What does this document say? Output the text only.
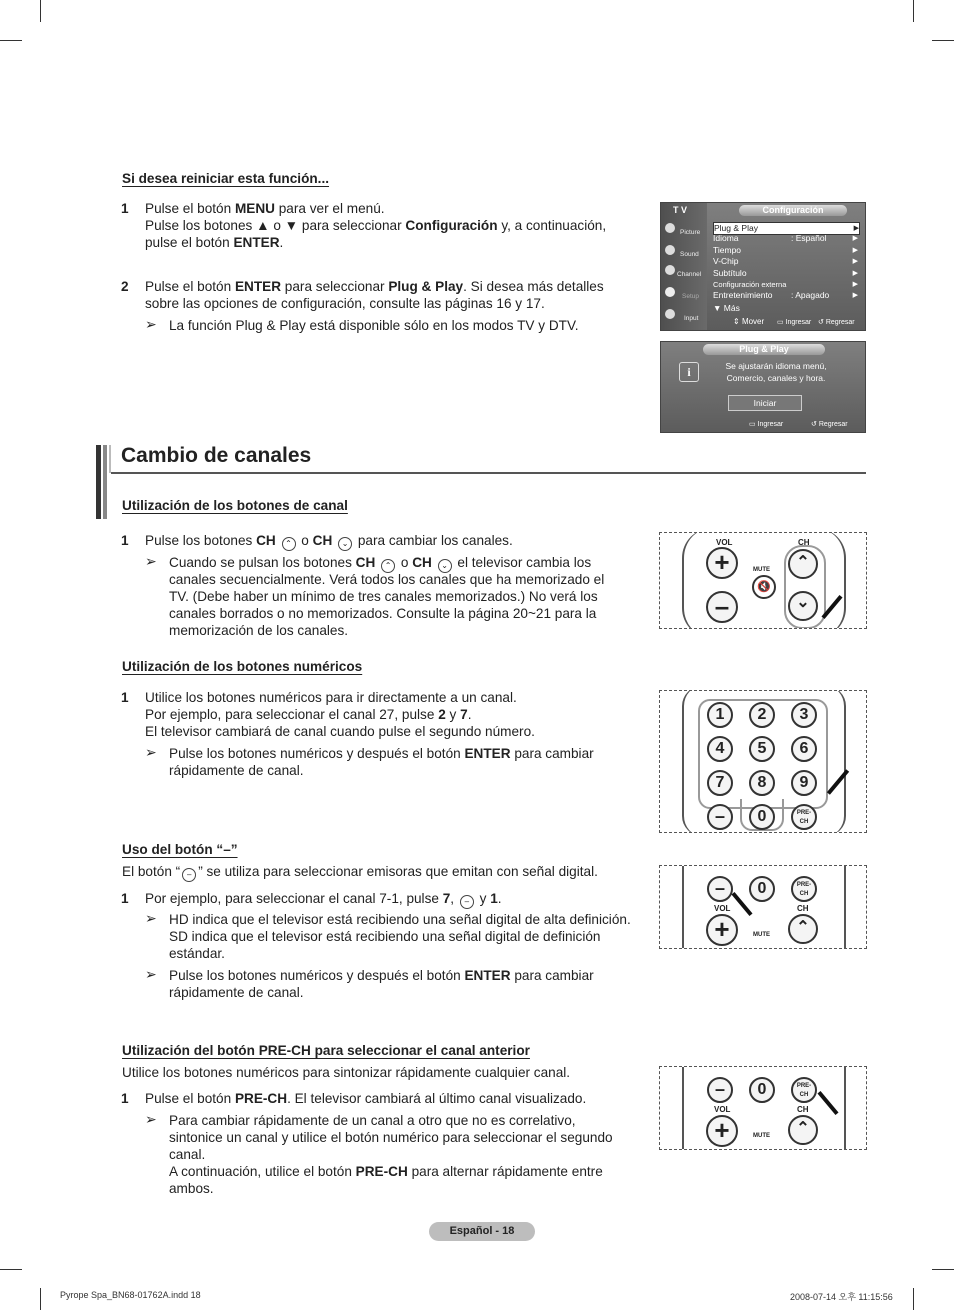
Si desea reiniciar esta función...
1 Pulse el botón MENU para ver el menú.
Pulse los botones ▲ o ▼ para seleccionar Configuración y, a continuación,
pulse el botón ENTER.
2 Pulse el botón ENTER para seleccionar Plug & Play. Si desea más detalles
sobre las opciones de configuración, consulte las páginas 16 y 17.
➢ La función Plug & Play está disponible sólo en los modos TV y DTV.
T V	Configuración
Picture
Sound
Channel
Setup
Input
Plug & Play	▶
Idioma	: Español	▶
Tiempo	▶
V-Chip	▶
Subtítulo	▶
Configuración externa	▶
Entretenimiento : Apagado	▶
▼ Más
⇕ Mover ▭ Ingresar ↺ Regresar
Plug & Play
i	Se ajustarán idioma menú,
Comercio, canales y hora.
Iniciar
▭ Ingresar	↺ Regresar
Cambio de canales
Utilización de los botones de canal
1 Pulse los botones CH ⌃ o CH ⌄ para cambiar los canales.
➢ Cuando se pulsan los botones CH ⌃ o CH ⌄ el televisor cambia los
canales secuencialmente. Verá todos los canales que ha memorizado el
TV. (Debe haber un mínimo de tres canales memorizados.) No verá los
canales borrados o no memorizados. Consulte la página 20~21 para la
memorización de los canales.
VOL	CH
+
–
MUTE
🔇
⌃
⌄
Utilización de los botones numéricos
1 Utilice los botones numéricos para ir directamente a un canal.
Por ejemplo, para seleccionar el canal 27, pulse 2 y 7.
El televisor cambiará de canal cuando pulse el segundo número.
➢ Pulse los botones numéricos y después el botón ENTER para cambiar
rápidamente de canal.
1	2	3
4	5	6
7	8	9
–	0	PRE-CH
Uso del botón “–”
El botón “ – ” se utiliza para seleccionar emisoras que emitan con señal digital.
1 Por ejemplo, para seleccionar el canal 7-1, pulse 7, – y 1.
➢ HD indica que el televisor está recibiendo una señal digital de alta definición.
SD indica que el televisor está recibiendo una señal digital de definición
estándar.
➢ Pulse los botones numéricos y después el botón ENTER para cambiar
rápidamente de canal.
–	0	PRE-CH
VOL	CH
+	MUTE	⌃
Utilización del botón PRE-CH para seleccionar el canal anterior
Utilice los botones numéricos para sintonizar rápidamente cualquier canal.
1 Pulse el botón PRE-CH. El televisor cambiará al último canal visualizado.
➢ Para cambiar rápidamente de un canal a otro que no es correlativo,
sintonice un canal y utilice el botón numérico para seleccionar el segundo
canal.
A continuación, utilice el botón PRE-CH para alternar rápidamente entre
ambos.
–	0	PRE-CH
VOL	CH
+	MUTE	⌃
Español - 18
Pyrope Spa_BN68-01762A.indd 18	2008-07-14 오후 11:15:56
